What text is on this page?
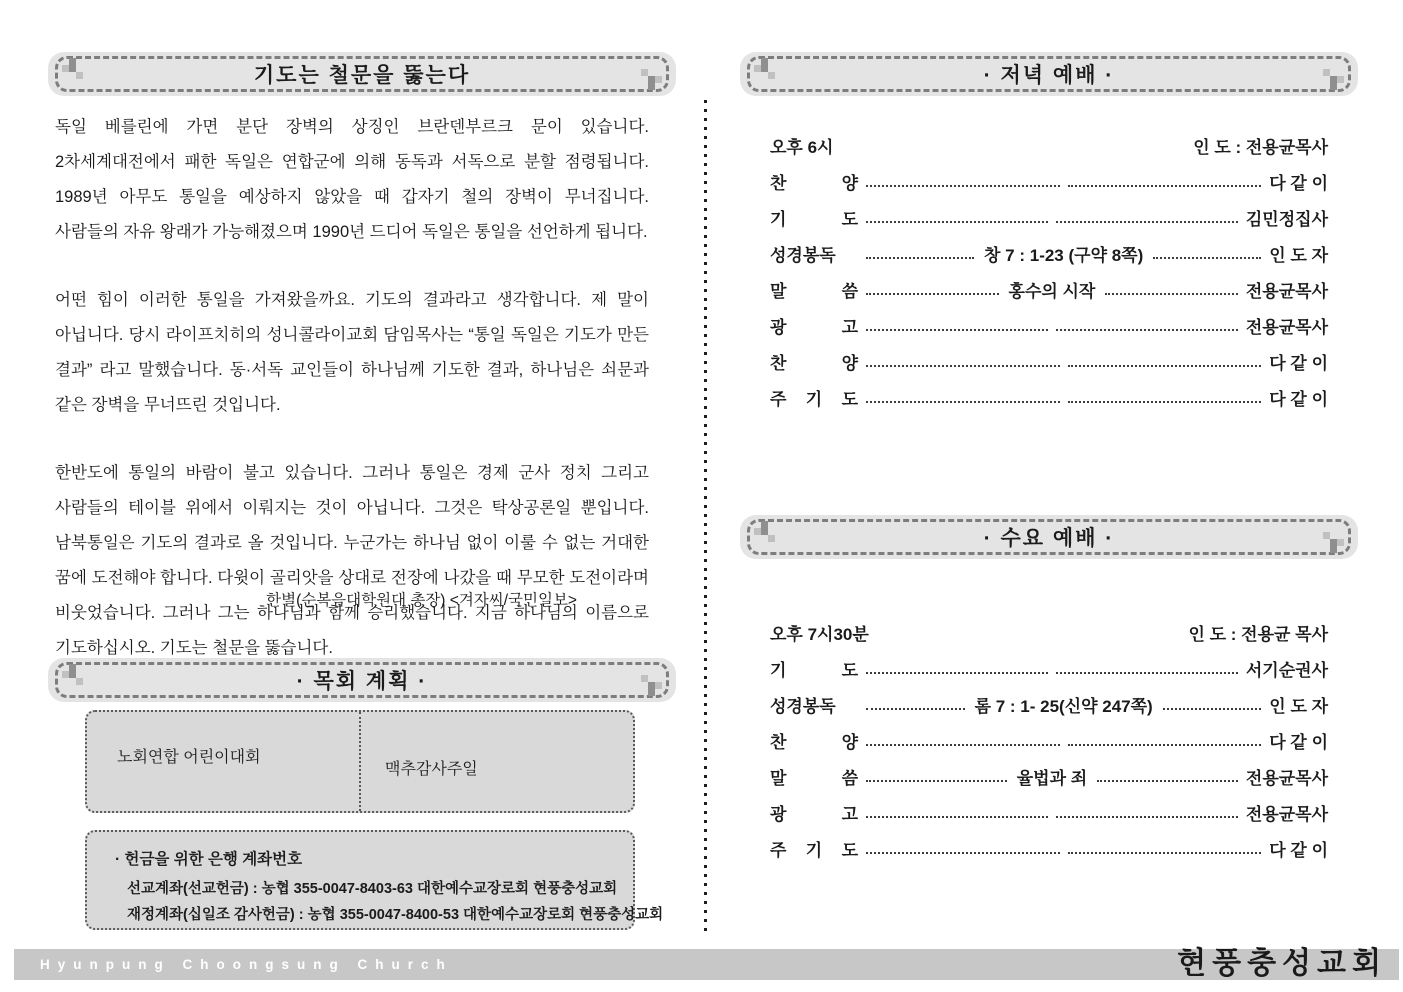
기도는 철문을 뚫는다

독일 베를린에 가면 분단 장벽의 상징인 브란덴부르크 문이 있습니다. 2차세계대전에서 패한 독일은 연합군에 의해 동독과 서독으로 분할 점령됩니다. 1989년 아무도 통일을 예상하지 않았을 때 갑자기 철의 장벽이 무너집니다. 사람들의 자유 왕래가 가능해졌으며 1990년 드디어 독일은 통일을 선언하게 됩니다.

어떤 힘이 이러한 통일을 가져왔을까요. 기도의 결과라고 생각합니다. 제 말이 아닙니다. 당시 라이프치히의 성니콜라이교회 담임목사는 “통일 독일은 기도가 만든 결과” 라고 말했습니다. 동·서독 교인들이 하나님께 기도한 결과, 하나님은 쇠문과 같은 장벽을 무너뜨린 것입니다.

한반도에 통일의 바람이 불고 있습니다. 그러나 통일은 경제 군사 정치 그리고 사람들의 테이블 위에서 이뤄지는 것이 아닙니다. 그것은 탁상공론일 뿐입니다. 남북통일은 기도의 결과로 올 것입니다. 누군가는 하나님 없이 이룰 수 없는 거대한 꿈에 도전해야 합니다. 다윗이 골리앗을 상대로 전장에 나갔을 때 무모한 도전이라며 비웃었습니다. 그러나 그는 하나님과 함께 승리했습니다. 지금 하나님의 이름으로 기도하십시오. 기도는 철문을 뚫습니다.

한별(순복음대학원대 총장) <겨자씨/국민일보>
· 목회 계획 ·
노회연합 어린이대회
맥추감사주일
· 헌금을 위한 은행 계좌번호
선교계좌(선교헌금) : 농협 355-0047-8403-63 대한예수교장로회 현풍충성교회
재정계좌(십일조 감사헌금) : 농협 355-0047-8400-53 대한예수교장로회 현풍충성교회
· 저녁 예배 ·
오후 6시	인 도 : 전용균목사
찬 양	다 같 이
기 도	김민정집사
성경봉독	창 7 : 1-23 (구약 8쪽)	인 도 자
말 씀	홍수의 시작	전용균목사
광 고	전용균목사
찬 양	다 같 이
주 기 도	다 같 이
· 수요 예배 ·
오후 7시30분	인 도 : 전용균 목사
기 도	서기순권사
성경봉독	롬 7 : 1- 25(신약 247쪽)	인 도 자
찬 양	다 같 이
말 씀	율법과 죄	전용균목사
광 고	전용균목사
주 기 도	다 같 이
Hyunpung Choongsung Church	현풍충성교회
